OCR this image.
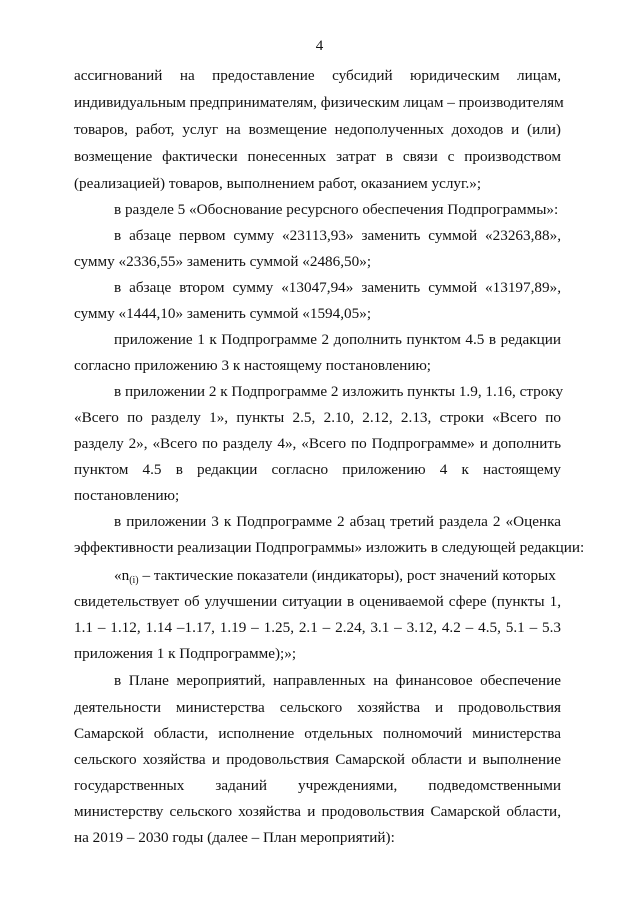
4
ассигнований на предоставление субсидий юридическим лицам,
индивидуальным предпринимателям, физическим лицам – производителям
товаров, работ, услуг на возмещение недополученных доходов и (или)
возмещение фактически понесенных затрат в связи с производством
(реализацией) товаров, выполнением работ, оказанием услуг.»;
в разделе 5 «Обоснование ресурсного обеспечения Подпрограммы»:
в абзаце первом сумму «23113,93» заменить суммой «23263,88»,
сумму «2336,55» заменить суммой «2486,50»;
в абзаце втором сумму «13047,94» заменить суммой «13197,89»,
сумму «1444,10» заменить суммой «1594,05»;
приложение 1 к Подпрограмме 2 дополнить пунктом 4.5 в редакции
согласно приложению 3 к настоящему постановлению;
в приложении 2 к Подпрограмме 2 изложить пункты 1.9, 1.16, строку
«Всего по разделу 1», пункты 2.5, 2.10, 2.12, 2.13, строки «Всего по
разделу 2», «Всего по разделу 4», «Всего по Подпрограмме» и дополнить
пунктом 4.5 в редакции согласно приложению 4 к настоящему
постановлению;
в приложении 3 к Подпрограмме 2 абзац третий раздела 2 «Оценка
эффективности реализации Подпрограммы» изложить в следующей редакции:
«$n_{(i)}$ – тактические показатели (индикаторы), рост значений которых
свидетельствует об улучшении ситуации в оцениваемой сфере (пункты 1,
1.1 – 1.12, 1.14 –1.17, 1.19 – 1.25, 2.1 – 2.24, 3.1 – 3.12, 4.2 – 4.5, 5.1 – 5.3
приложения 1 к Подпрограмме);»;
в Плане мероприятий, направленных на финансовое обеспечение
деятельности министерства сельского хозяйства и продовольствия
Самарской области, исполнение отдельных полномочий министерства
сельского хозяйства и продовольствия Самарской области и выполнение
государственных заданий учреждениями, подведомственными
министерству сельского хозяйства и продовольствия Самарской области,
на 2019 – 2030 годы (далее – План мероприятий):
